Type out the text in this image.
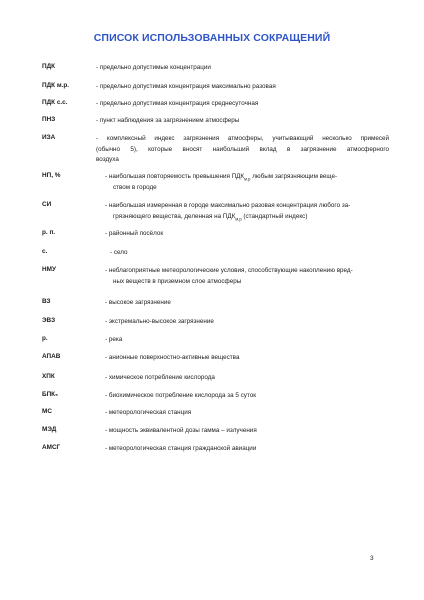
СПИСОК ИСПОЛЬЗОВАННЫХ СОКРАЩЕНИЙ
ПДК	- предельно допустимые концентрации
ПДК м.р.	- предельно допустимая концентрация максимально разовая
ПДК с.с.	- предельно допустимая концентрация среднесуточная
ПНЗ	- пункт наблюдения за загрязнением атмосферы
ИЗА	- комплексный индекс загрязнения атмосферы, учитывающий несколько примесей
(обычно 5), которые вносят наибольший вклад в загрязнение атмосферного
воздуха
НП, %	- наибольшая повторяемость превышения $ПДК_{м.р}$ любым загрязняющим веще-
ством в городе
СИ	- наибольшая измеренная в городе максимально разовая концентрация любого за-
грязняющего вещества, деленная на $ПДК_{м.р}$ (стандартный индекс)
р. п.	- районный посёлок
с.	- село
НМУ	- неблагоприятные метеорологические условия, способствующие накоплению вред-
ных веществ в приземном слое атмосферы
ВЗ	- высокое загрязнение
ЭВЗ	- экстремально-высокое загрязнение
р.	- река
АПАВ	- анионные поверхностно-активные вещества
ХПК	- химическое потребление кислорода
БПК₅	- биохимическое потребление кислорода за 5 суток
МС	- метеорологическая станция
МЭД	- мощность эквивалентной дозы гамма – излучения
АМСГ	- метеорологическая станция гражданской авиации
3
